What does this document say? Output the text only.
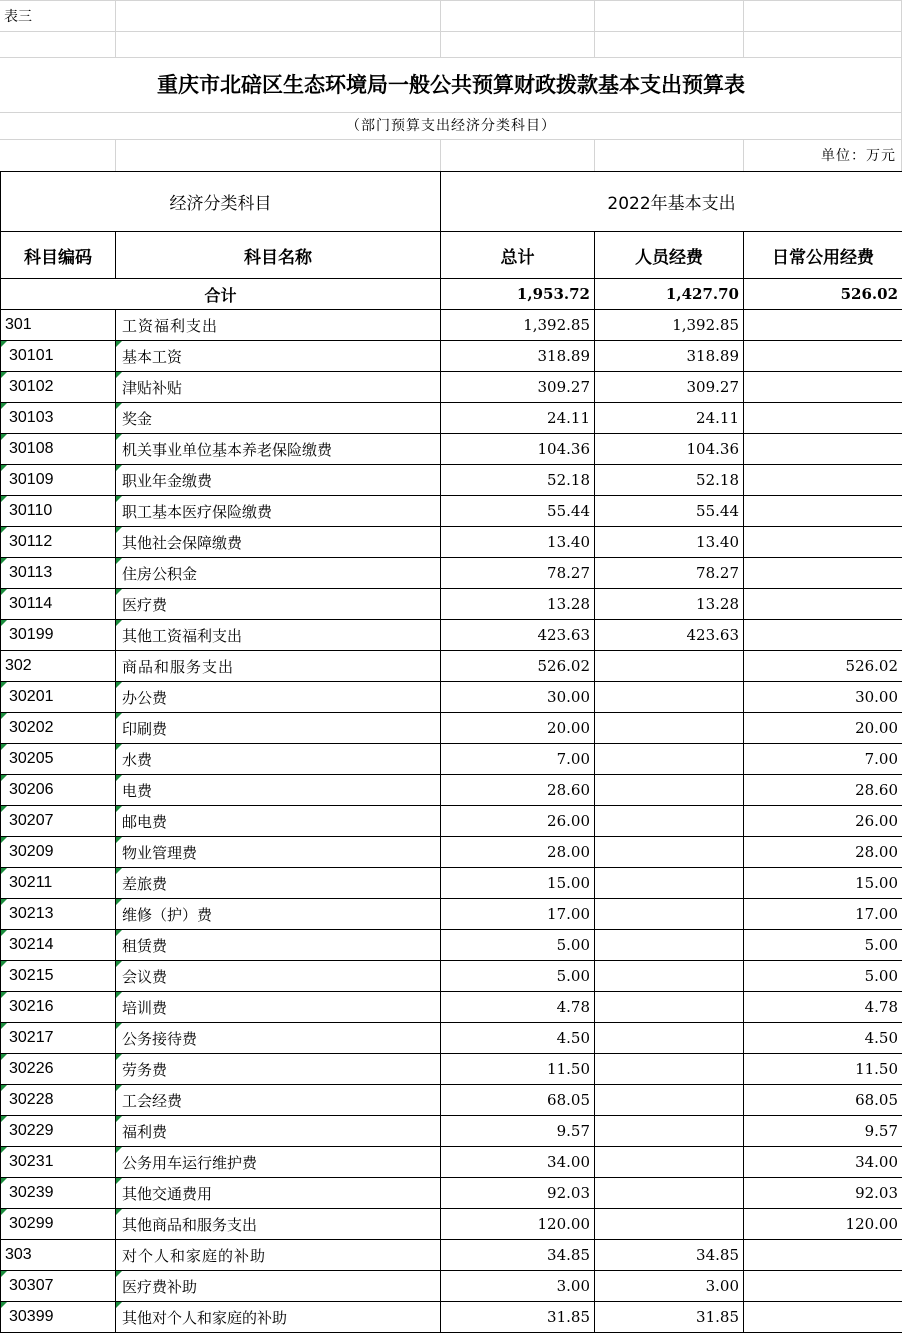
表三
重庆市北碚区生态环境局一般公共预算财政拨款基本支出预算表
（部门预算支出经济分类科目）
单位：万元
经济分类科目		2022年基本支出		
科目编码	科目名称	总计	人员经费	日常公用经费
合计		1,953.72	1,427.70	526.02
301	工资福利支出	1,392.85	1,392.85	
30101	基本工资	318.89	318.89	
30102	津贴补贴	309.27	309.27	
30103	奖金	24.11	24.11	
30108	机关事业单位基本养老保险缴费	104.36	104.36	
30109	职业年金缴费	52.18	52.18	
30110	职工基本医疗保险缴费	55.44	55.44	
30112	其他社会保障缴费	13.40	13.40	
30113	住房公积金	78.27	78.27	
30114	医疗费	13.28	13.28	
30199	其他工资福利支出	423.63	423.63	
302	商品和服务支出	526.02		526.02
30201	办公费	30.00		30.00
30202	印刷费	20.00		20.00
30205	水费	7.00		7.00
30206	电费	28.60		28.60
30207	邮电费	26.00		26.00
30209	物业管理费	28.00		28.00
30211	差旅费	15.00		15.00
30213	维修（护）费	17.00		17.00
30214	租赁费	5.00		5.00
30215	会议费	5.00		5.00
30216	培训费	4.78		4.78
30217	公务接待费	4.50		4.50
30226	劳务费	11.50		11.50
30228	工会经费	68.05		68.05
30229	福利费	9.57		9.57
30231	公务用车运行维护费	34.00		34.00
30239	其他交通费用	92.03		92.03
30299	其他商品和服务支出	120.00		120.00
303	对个人和家庭的补助	34.85	34.85	
30307	医疗费补助	3.00	3.00	
30399	其他对个人和家庭的补助	31.85	31.85	
